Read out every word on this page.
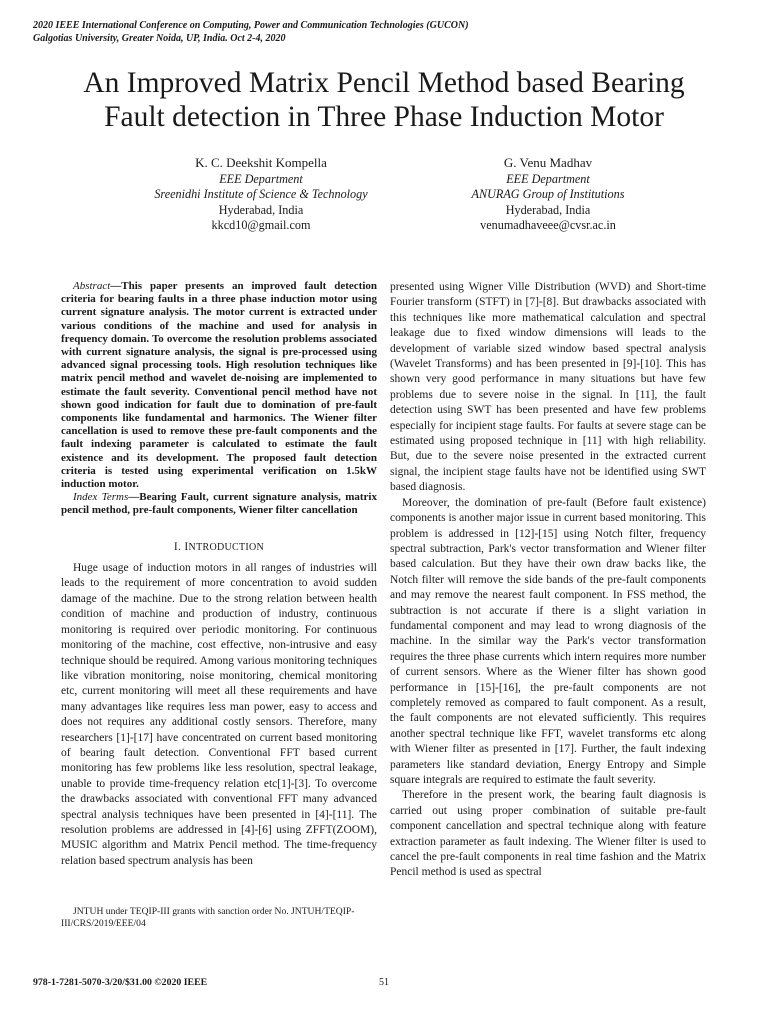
2020 IEEE International Conference on Computing, Power and Communication Technologies (GUCON)
Galgotias University, Greater Noida, UP, India. Oct 2-4, 2020
An Improved Matrix Pencil Method based Bearing
Fault detection in Three Phase Induction Motor
K. C. Deekshit Kompella
EEE Department
Sreenidhi Institute of Science & Technology
Hyderabad, India
kkcd10@gmail.com
G. Venu Madhav
EEE Department
ANURAG Group of Institutions
Hyderabad, India
venumadhaveee@cvsr.ac.in

Abstract—This paper presents an improved fault detection criteria for bearing faults in a three phase induction motor using current signature analysis. The motor current is extracted under various conditions of the machine and used for analysis in frequency domain. To overcome the resolution problems associated with current signature analysis, the signal is pre-processed using advanced signal processing tools. High resolution techniques like matrix pencil method and wavelet de-noising are implemented to estimate the fault severity. Conventional pencil method have not shown good indication for fault due to domination of pre-fault components like fundamental and harmonics. The Wiener filter cancellation is used to remove these pre-fault components and the fault indexing parameter is calculated to estimate the fault existence and its development. The proposed fault detection criteria is tested using experimental verification on 1.5kW induction motor.

Index Terms—Bearing Fault, current signature analysis, matrix pencil method, pre-fault components, Wiener filter cancellation

I. INTRODUCTION

Huge usage of induction motors in all ranges of industries will leads to the requirement of more concentration to avoid sudden damage of the machine. Due to the strong relation between health condition of machine and production of industry, continuous monitoring is required over periodic monitoring. For continuous monitoring of the machine, cost effective, non-intrusive and easy technique should be required. Among various monitoring techniques like vibration monitoring, noise monitoring, chemical monitoring etc, current monitoring will meet all these requirements and have many advantages like requires less man power, easy to access and does not requires any additional costly sensors. Therefore, many researchers [1]-[17] have concentrated on current based monitoring of bearing fault detection. Conventional FFT based current monitoring has few problems like less resolution, spectral leakage, unable to provide time-frequency relation etc[1]-[3]. To overcome the drawbacks associated with conventional FFT many advanced spectral analysis techniques have been presented in [4]-[11]. The resolution problems are addressed in [4]-[6] using ZFFT(ZOOM), MUSIC algorithm and Matrix Pencil method. The time-frequency relation based spectrum analysis has been

JNTUH under TEQIP-III grants with sanction order No. JNTUH/TEQIP-III/CRS/2019/EEE/04

presented using Wigner Ville Distribution (WVD) and Short-time Fourier transform (STFT) in [7]-[8]. But drawbacks associated with this techniques like more mathematical calculation and spectral leakage due to fixed window dimensions will leads to the development of variable sized window based spectral analysis (Wavelet Transforms) and has been presented in [9]-[10]. This has shown very good performance in many situations but have few problems due to severe noise in the signal. In [11], the fault detection using SWT has been presented and have few problems especially for incipient stage faults. For faults at severe stage can be estimated using proposed technique in [11] with high reliability. But, due to the severe noise presented in the extracted current signal, the incipient stage faults have not be identified using SWT based diagnosis.

Moreover, the domination of pre-fault (Before fault existence) components is another major issue in current based monitoring. This problem is addressed in [12]-[15] using Notch filter, frequency spectral subtraction, Park's vector transformation and Wiener filter based calculation. But they have their own draw backs like, the Notch filter will remove the side bands of the pre-fault components and may remove the nearest fault component. In FSS method, the subtraction is not accurate if there is a slight variation in fundamental component and may lead to wrong diagnosis of the machine. In the similar way the Park's vector transformation requires the three phase currents which intern requires more number of current sensors. Where as the Wiener filter has shown good performance in [15]-[16], the pre-fault components are not completely removed as compared to fault component. As a result, the fault components are not elevated sufficiently. This requires another spectral technique like FFT, wavelet transforms etc along with Wiener filter as presented in [17]. Further, the fault indexing parameters like standard deviation, Energy Entropy and Simple square integrals are required to estimate the fault severity.

Therefore in the present work, the bearing fault diagnosis is carried out using proper combination of suitable pre-fault component cancellation and spectral technique along with feature extraction parameter as fault indexing. The Wiener filter is used to cancel the pre-fault components in real time fashion and the Matrix Pencil method is used as spectral

978-1-7281-5070-3/20/$31.00 ©2020 IEEE	51
